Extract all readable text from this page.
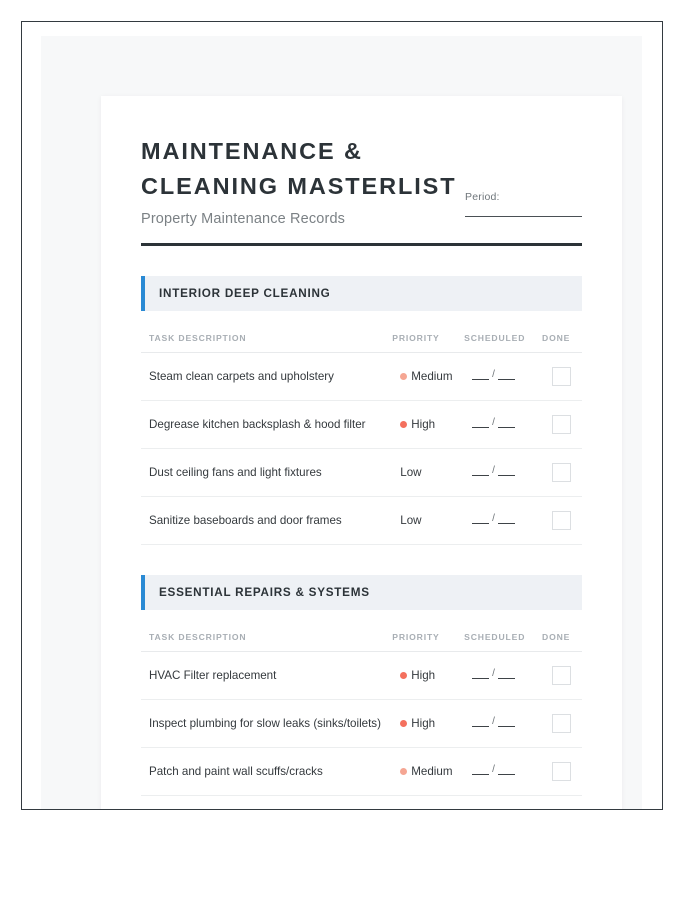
MAINTENANCE &
CLEANING MASTERLIST
Property Maintenance Records
Period:
INTERIOR DEEP CLEANING
TASK DESCRIPTION	PRIORITY	SCHEDULED	DONE
Steam clean carpets and upholstery	Medium	/	

Degrease kitchen backsplash & hood filter	High	/	

Dust ceiling fans and light fixtures	Low	/	

Sanitize baseboards and door frames	Low	/	

ESSENTIAL REPAIRS & SYSTEMS
TASK DESCRIPTION	PRIORITY	SCHEDULED	DONE
HVAC Filter replacement	High	/	

Inspect plumbing for slow leaks (sinks/toilets)	High	/	

Patch and paint wall scuffs/cracks	Medium	/	
